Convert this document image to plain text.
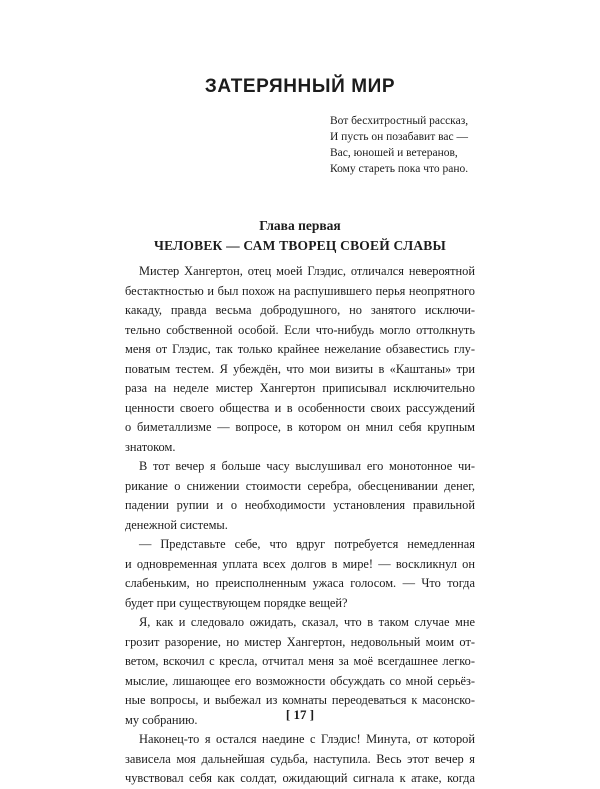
ЗАТЕРЯННЫЙ МИР
Вот бесхитростный рассказ,
И пусть он позабавит вас —
Вас, юношей и ветеранов,
Кому стареть пока что рано.
Глава первая
ЧЕЛОВЕК — САМ ТВОРЕЦ СВОЕЙ СЛАВЫ

Мистер Хангертон, отец моей Глэдис, отличался невероятной
бестактностью и был похож на распушившего перья неопрятного
какаду, правда весьма добродушного, но занятого исключи-
тельно собственной особой. Если что-нибудь могло оттолкнуть
меня от Глэдис, так только крайнее нежелание обзавестись глу-
поватым тестем. Я убеждён, что мои визиты в «Каштаны» три
раза на неделе мистер Хангертон приписывал исключительно
ценности своего общества и в особенности своих рассуждений
о биметаллизме — вопросе, в котором он мнил себя крупным
знатоком.

В тот вечер я больше часу выслушивал его монотонное чи-
рикание о снижении стоимости серебра, обесценивании денег,
падении рупии и о необходимости установления правильной
денежной системы.

— Представьте себе, что вдруг потребуется немедленная
и одновременная уплата всех долгов в мире! — воскликнул он
слабеньким, но преисполненным ужаса голосом. — Что тогда
будет при существующем порядке вещей?

Я, как и следовало ожидать, сказал, что в таком случае мне
грозит разорение, но мистер Хангертон, недовольный моим от-
ветом, вскочил с кресла, отчитал меня за моё всегдашнее легко-
мыслие, лишающее его возможности обсуждать со мной серьёз-
ные вопросы, и выбежал из комнаты переодеваться к масонско-
му собранию.

Наконец-то я остался наедине с Глэдис! Минута, от которой
зависела моя дальнейшая судьба, наступила. Весь этот вечер я
чувствовал себя как солдат, ожидающий сигнала к атаке, когда

[ 17 ]
